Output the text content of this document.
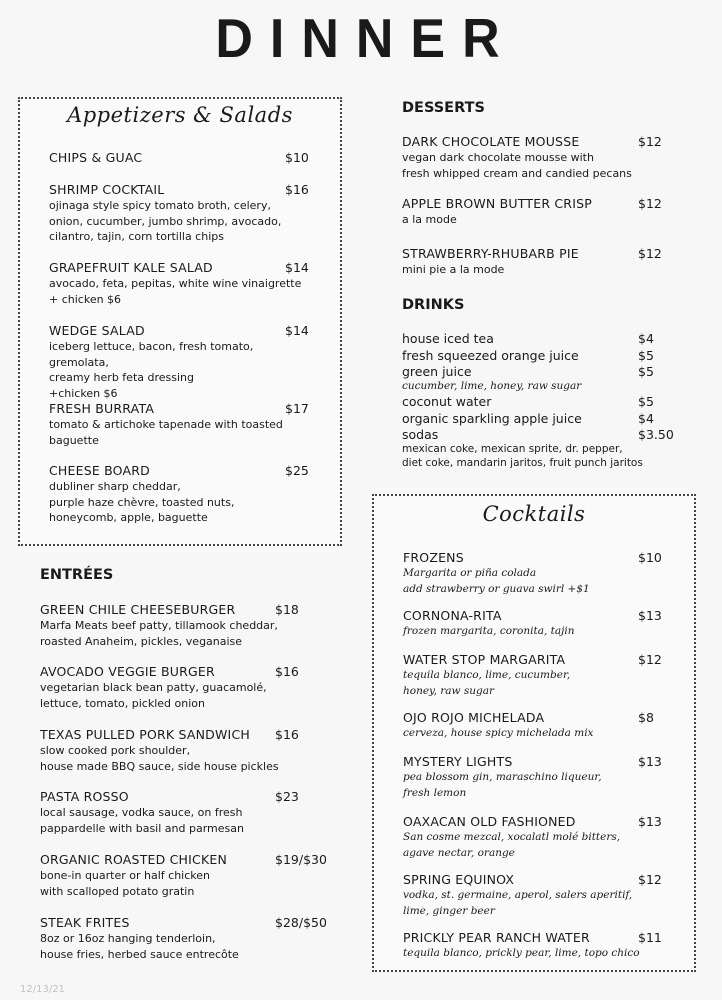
DINNER
Appetizers & Salads
ENTRÉES
DESSERTS
DRINKS
Cocktails
CHIPS & GUAC	$10
SHRIMP COCKTAIL	$16
ojinaga style spicy tomato broth, celery,
onion, cucumber, jumbo shrimp, avocado,
cilantro, tajin, corn tortilla chips
GRAPEFRUIT KALE SALAD	$14
avocado, feta, pepitas, white wine vinaigrette
+ chicken $6
WEDGE SALAD	$14
iceberg lettuce, bacon, fresh tomato, gremolata,
creamy herb feta dressing
+chicken $6
FRESH BURRATA	$17
tomato & artichoke tapenade with toasted
baguette
CHEESE BOARD	$25
dubliner sharp cheddar,
purple haze chèvre, toasted nuts,
honeycomb, apple, baguette
GREEN CHILE CHEESEBURGER	$18
Marfa Meats beef patty, tillamook cheddar,
roasted Anaheim, pickles, veganaise
AVOCADO VEGGIE BURGER	$16
vegetarian black bean patty, guacamolé,
lettuce, tomato, pickled onion
TEXAS PULLED PORK SANDWICH	$16
slow cooked pork shoulder,
house made BBQ sauce, side house pickles
PASTA ROSSO	$23
local sausage, vodka sauce, on fresh
pappardelle with basil and parmesan
ORGANIC ROASTED CHICKEN	$19/$30
bone-in quarter or half chicken
with scalloped potato gratin
STEAK FRITES	$28/$50
8oz or 16oz hanging tenderloin,
house fries, herbed sauce entrecôte
DARK CHOCOLATE MOUSSE	$12
vegan dark chocolate mousse with
fresh whipped cream and candied pecans
APPLE BROWN BUTTER CRISP	$12
a la mode
STRAWBERRY-RHUBARB PIE	$12
mini pie a la mode
FROZENS	$10
Margarita or piña colada
add strawberry or guava swirl +$1
CORNONA-RITA	$13
frozen margarita, coronita, tajin
WATER STOP MARGARITA	$12
tequila blanco, lime, cucumber,
honey, raw sugar
OJO ROJO MICHELADA	$8
cerveza, house spicy michelada mix
MYSTERY LIGHTS	$13
pea blossom gin, maraschino liqueur,
fresh lemon
OAXACAN OLD FASHIONED	$13
San cosme mezcal, xocalatl molé bitters,
agave nectar, orange
SPRING EQUINOX	$12
vodka, st. germaine, aperol, salers aperitif,
lime, ginger beer
PRICKLY PEAR RANCH WATER	$11
tequila blanco, prickly pear, lime, topo chico
house iced tea	$4
fresh squeezed orange juice	$5
green juice	$5
cucumber, lime, honey, raw sugar
coconut water	$5
organic sparkling apple juice	$4
sodas	$3.50
mexican coke, mexican sprite, dr. pepper,
diet coke, mandarin jaritos, fruit punch jaritos
12/13/21
